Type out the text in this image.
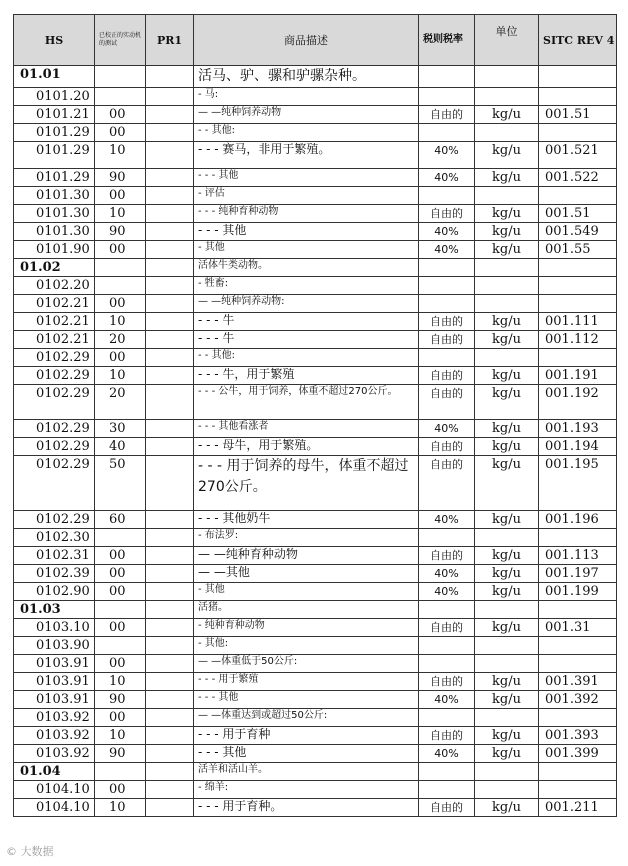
HS	已校正的实动机的测试	PR1	商品描述	税则税率	单位	SITC REV 4
01.01			活马、驴、骡和驴骡杂种。			
0101.20			- 马:			
0101.21	00		— —纯种饲养动物	自由的	kg/u	001.51
0101.29	00		- - 其他:			
0101.29	10		- - - 赛马，非用于繁殖。	40%	kg/u	001.521
0101.29	90		- - - 其他	40%	kg/u	001.522
0101.30	00		- 评估			
0101.30	10		- - - 纯种育种动物	自由的	kg/u	001.51
0101.30	90		- - - 其他	40%	kg/u	001.549
0101.90	00		- 其他	40%	kg/u	001.55
01.02			活体牛类动物。			
0102.20			- 牲畜:			
0102.21	00		— —纯种饲养动物:			
0102.21	10		- - - 牛	自由的	kg/u	001.111
0102.21	20		- - - 牛	自由的	kg/u	001.112
0102.29	00		- - 其他:			
0102.29	10		- - - 牛，用于繁殖	自由的	kg/u	001.191
0102.29	20		- - - 公牛，用于饲养，体重不超过270公斤。	自由的	kg/u	001.192
0102.29	30		- - - 其他看涨者	40%	kg/u	001.193
0102.29	40		- - - 母牛，用于繁殖。	自由的	kg/u	001.194
0102.29	50		- - - 用于饲养的母牛，体重不超过270公斤。	自由的	kg/u	001.195
0102.29	60		- - - 其他奶牛	40%	kg/u	001.196
0102.30			- 布法罗:			
0102.31	00		— —纯种育种动物	自由的	kg/u	001.113
0102.39	00		— —其他	40%	kg/u	001.197
0102.90	00		- 其他	40%	kg/u	001.199
01.03			活猪。			
0103.10	00		- 纯种育种动物	自由的	kg/u	001.31
0103.90			- 其他:			
0103.91	00		— —体重低于50公斤:			
0103.91	10		- - - 用于繁殖	自由的	kg/u	001.391
0103.91	90		- - - 其他	40%	kg/u	001.392
0103.92	00		— —体重达到或超过50公斤:			
0103.92	10		- - - 用于育种	自由的	kg/u	001.393
0103.92	90		- - - 其他	40%	kg/u	001.399
01.04			活羊和活山羊。			
0104.10	00		- 绵羊:			
0104.10	10		- - - 用于育种。	自由的	kg/u	001.211
© 大数据
